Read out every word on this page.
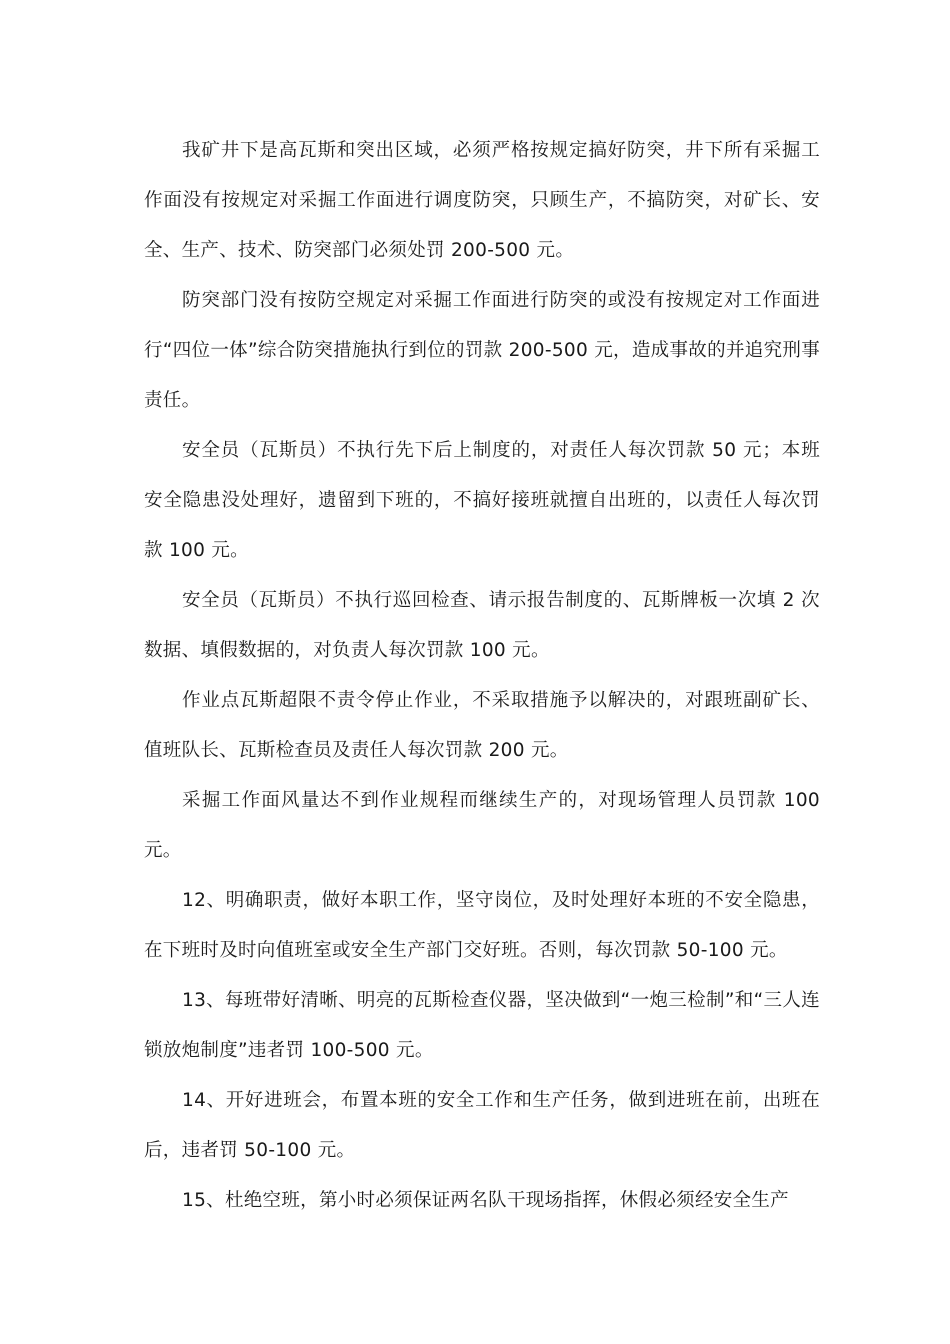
我矿井下是高瓦斯和突出区域，必须严格按规定搞好防突，井下所有采掘工作面没有按规定对采掘工作面进行调度防突，只顾生产，不搞防突，对矿长、安全、生产、技术、防突部门必须处罚 200-500 元。

防突部门没有按防空规定对采掘工作面进行防突的或没有按规定对工作面进行“四位一体”综合防突措施执行到位的罚款 200-500 元，造成事故的并追究刑事责任。

安全员（瓦斯员）不执行先下后上制度的，对责任人每次罚款 50 元；本班安全隐患没处理好，遗留到下班的，不搞好接班就擅自出班的，以责任人每次罚款 100 元。

安全员（瓦斯员）不执行巡回检查、请示报告制度的、瓦斯牌板一次填 2 次数据、填假数据的，对负责人每次罚款 100 元。

作业点瓦斯超限不责令停止作业，不采取措施予以解决的，对跟班副矿长、值班队长、瓦斯检查员及责任人每次罚款 200 元。

采掘工作面风量达不到作业规程而继续生产的，对现场管理人员罚款 100 元。

12、明确职责，做好本职工作，坚守岗位，及时处理好本班的不安全隐患，在下班时及时向值班室或安全生产部门交好班。否则，每次罚款 50-100 元。

13、每班带好清晰、明亮的瓦斯检查仪器，坚决做到“一炮三检制”和“三人连锁放炮制度”违者罚 100-500 元。

14、开好进班会，布置本班的安全工作和生产任务，做到进班在前，出班在后，违者罚 50-100 元。

15、杜绝空班，第小时必须保证两名队干现场指挥，休假必须经安全生产
